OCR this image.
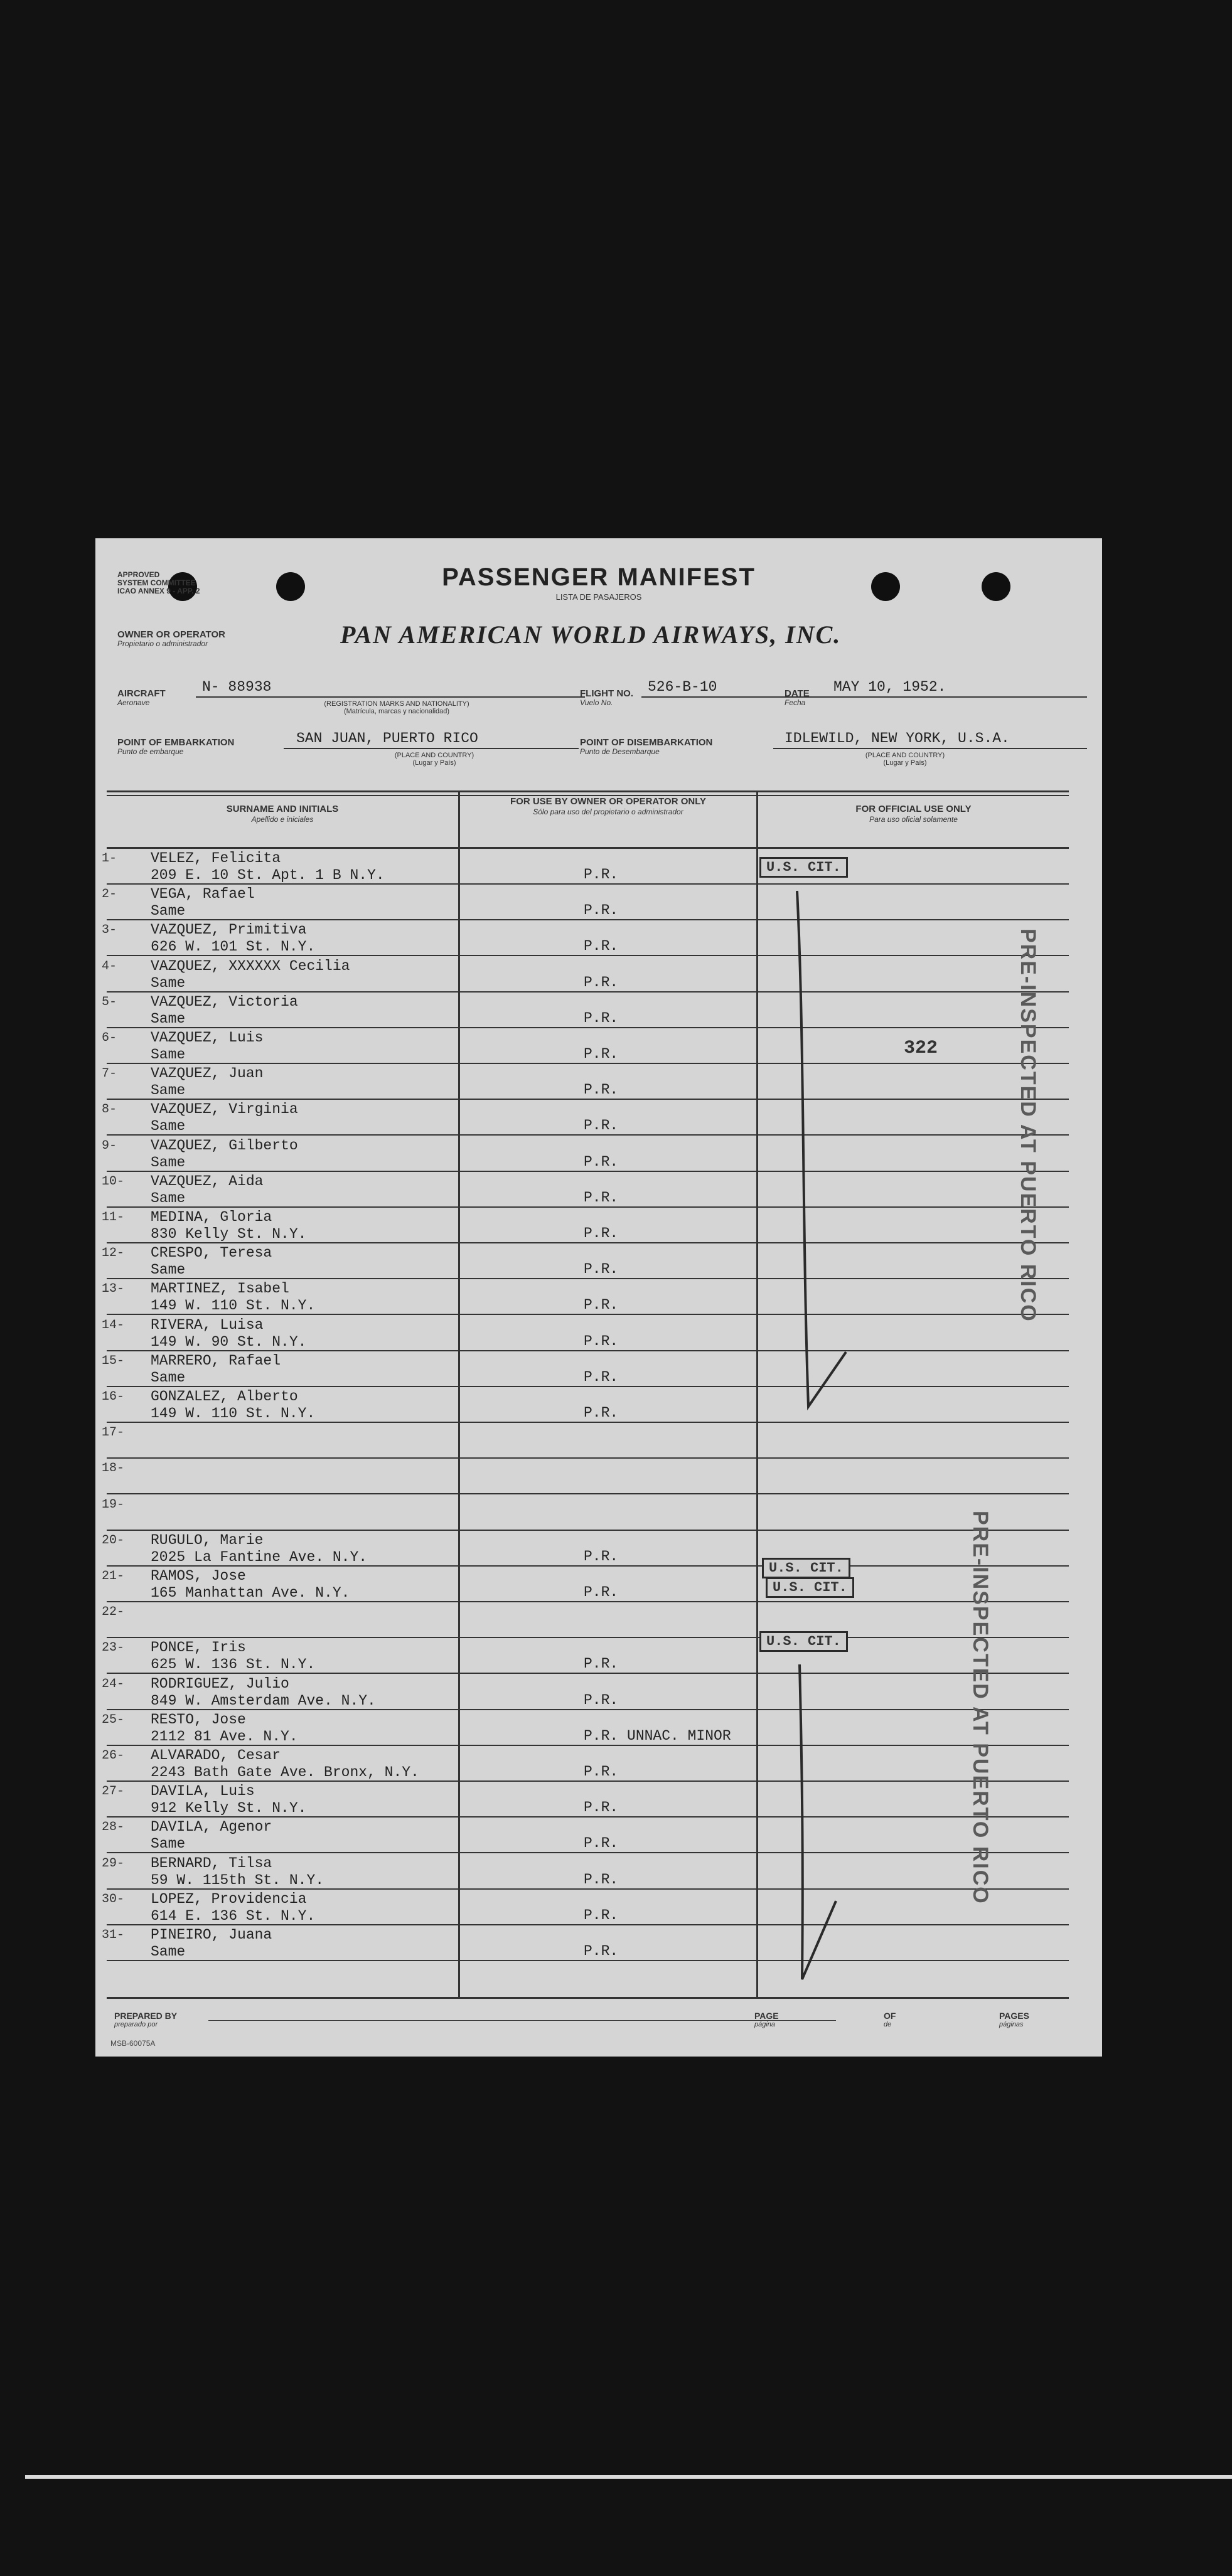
APPROVED
SYSTEM COMMITTEE
ICAO ANNEX 9 - APP. 2	PASSENGER MANIFEST
LISTA DE PASAJEROS
OWNER OR OPERATOR
Propietario o administrador	PAN AMERICAN WORLD AIRWAYS, INC.
AIRCRAFT
Aeronave
N- 88938
(REGISTRATION MARKS AND NATIONALITY)
(Matrícula, marcas y nacionalidad)
FLIGHT NO.
Vuelo No.
526-B-10	DATE
Fecha
MAY 10, 1952.
POINT OF EMBARKATION
Punto de embarque
SAN JUAN, PUERTO RICO
(PLACE AND COUNTRY)
(Lugar y País)
POINT OF DISEMBARKATION
Punto de Desembarque
IDLEWILD, NEW YORK, U.S.A.
(PLACE AND COUNTRY)
(Lugar y País)
SURNAME AND INITIALS
Apellido e iniciales
FOR USE BY OWNER OR OPERATOR ONLY
Sólo para uso del propietario o administrador	FOR OFFICIAL USE ONLY
Para uso oficial solamente
1- VELEZ, Felicita
209 E. 10 St. Apt. 1 B N.Y.	P.R.
2- VEGA, Rafael
Same	P.R.
3- VAZQUEZ, Primitiva
626 W. 101 St. N.Y.	P.R.
4- VAZQUEZ, XXXXXX Cecilia
Same	P.R.
5- VAZQUEZ, Victoria
Same	P.R.
6- VAZQUEZ, Luis
Same	P.R.
7- VAZQUEZ, Juan
Same	P.R.
8- VAZQUEZ, Virginia
Same	P.R.
9- VAZQUEZ, Gilberto
Same	P.R.
10- VAZQUEZ, Aida
Same	P.R.
11- MEDINA, Gloria
830 Kelly St. N.Y.	P.R.
12- CRESPO, Teresa
Same	P.R.
13- MARTINEZ, Isabel
149 W. 110 St. N.Y.	P.R.
14- RIVERA, Luisa
149 W. 90 St. N.Y.	P.R.
15- MARRERO, Rafael
Same	P.R.
16- GONZALEZ, Alberto
149 W. 110 St. N.Y.	P.R.
17-
18-
19-
20- RUGULO, Marie
2025 La Fantine Ave. N.Y.	P.R.
21- RAMOS, Jose
165 Manhattan Ave. N.Y.	P.R.
22-
23- PONCE, Iris
625 W. 136 St. N.Y.	P.R.
24- RODRIGUEZ, Julio
849 W. Amsterdam Ave. N.Y.	P.R.
25- RESTO, Jose
2112 81 Ave. N.Y.	P.R. UNNAC. MINOR
26- ALVARADO, Cesar
2243 Bath Gate Ave. Bronx, N.Y.	P.R.
27- DAVILA, Luis
912 Kelly St. N.Y.	P.R.
28- DAVILA, Agenor
Same	P.R.
29- BERNARD, Tilsa
59 W. 115th St. N.Y.	P.R.
30- LOPEZ, Providencia
614 E. 136 St. N.Y.	P.R.
31- PINEIRO, Juana
Same	P.R.
U.S. CIT.
U.S. CIT.
U.S. CIT.
U.S. CIT.
322	PRE-INSPECTED AT PUERTO RICO
PRE-INSPECTED AT PUERTO RICO
PREPARED BY
preparado por
PAGE
página
OF
de
PAGES
páginas
MSB-60075A
